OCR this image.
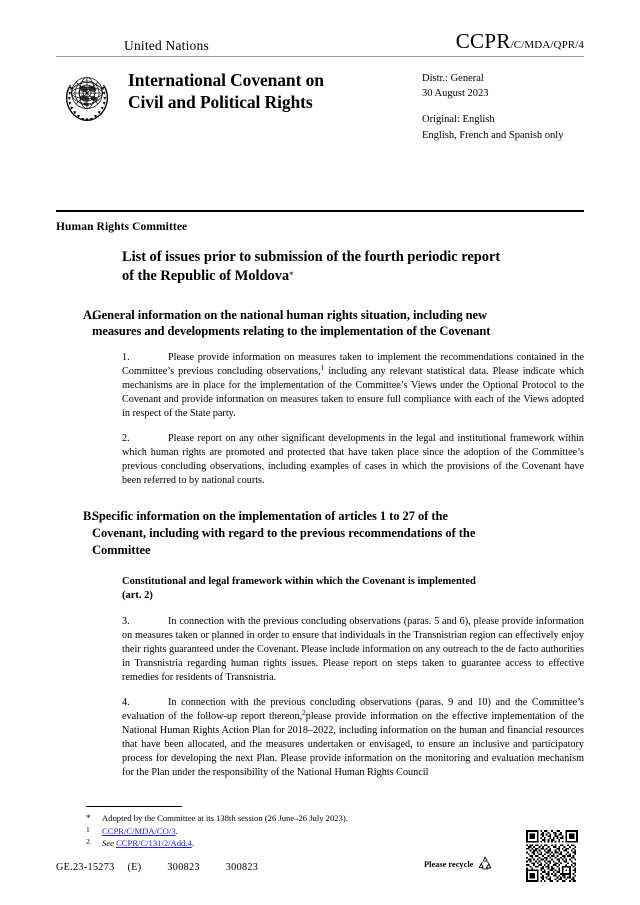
United Nations	CCPR/C/MDA/QPR/4
International Covenant on
Civil and Political Rights
Distr.: General
30 August 2023
Original: English
English, French and Spanish only
Human Rights Committee
List of issues prior to submission of the fourth periodic report of the Republic of Moldova*
A.
General information on the national human rights situation, including new measures and developments relating to the implementation of the Covenant

1.	Please provide information on measures taken to implement the recommendations contained in the Committee’s previous concluding observations,$^1$ including any relevant statistical data. Please indicate which mechanisms are in place for the implementation of the Committee’s Views under the Optional Protocol to the Covenant and provide information on measures taken to ensure full compliance with each of the Views adopted in respect of the State party.

2.	Please report on any other significant developments in the legal and institutional framework within which human rights are promoted and protected that have taken place since the adoption of the Committee’s previous concluding observations, including examples of cases in which the provisions of the Covenant have been referred to by national courts.

B.
Specific information on the implementation of articles 1 to 27 of the Covenant, including with regard to the previous recommendations of the Committee
Constitutional and legal framework within which the Covenant is implemented
(art. 2)

3.	In connection with the previous concluding observations (paras. 5 and 6), please provide information on measures taken or planned in order to ensure that individuals in the Transnistrian region can effectively enjoy their rights guaranteed under the Covenant. Please include information on any outreach to the de facto authorities in Transnistria regarding human rights issues. Please report on steps taken to guarantee access to effective remedies for residents of Transnistria.

4.	In connection with the previous concluding observations (paras. 9 and 10) and the Committee’s evaluation of the follow-up report thereon,$^2$please provide information on the effective implementation of the National Human Rights Action Plan for 2018–2022, including information on the human and financial resources that have been allocated, and the measures undertaken or envisaged, to ensure an inclusive and participatory process for developing the next Plan. Please provide information on the monitoring and evaluation mechanism for the Plan under the responsibility of the National Human Rights Council

* Adopted by the Committee at its 138th session (26 June–26 July 2023).
1 CCPR/C/MDA/CO/3.
2 See CCPR/C/131/2/Add.4.
GE.23-15273 (E)	300823	300823	Please recycle
